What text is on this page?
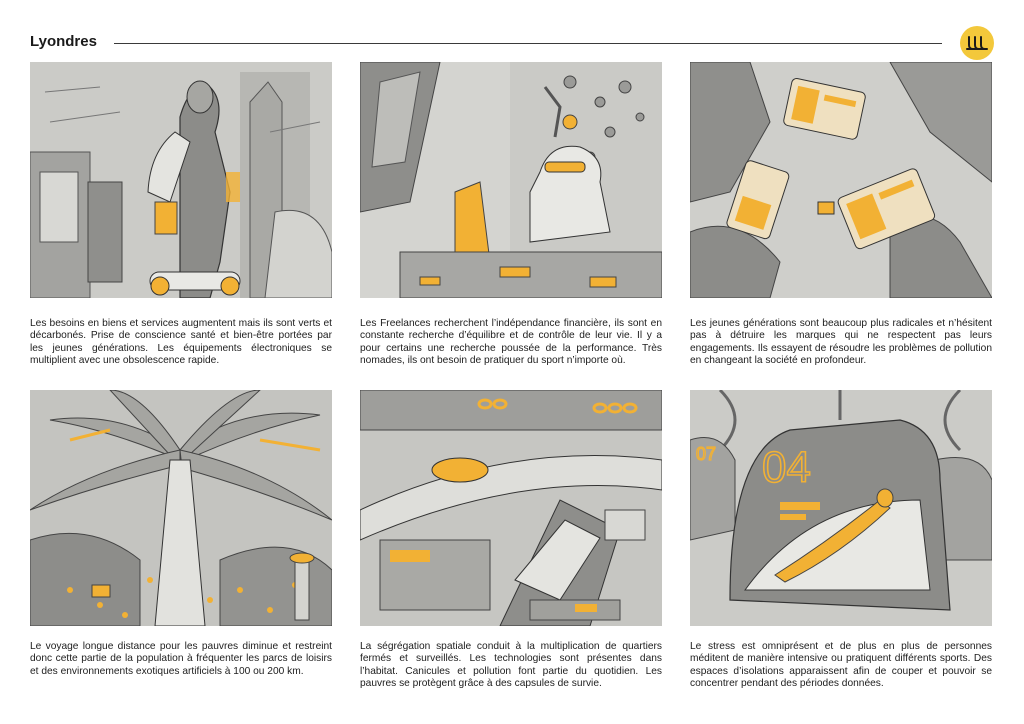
Lyondres
07 04
Les besoins en biens et services augmentent mais ils sont verts et décarbonés. Prise de conscience santé et bien-être portées par les jeunes générations. Les équipements électroniques se multiplient avec une obsolescence rapide.
Les Freelances recherchent l’indépendance financière, ils sont en constante recherche d’équilibre et de contrôle de leur vie. Il y a pour certains une recherche poussée de la performance. Très nomades, ils ont besoin de pratiquer du sport n’importe où.
Les jeunes générations sont beaucoup plus radicales et n’hésitent pas à détruire les marques qui ne respectent pas leurs engagements. Ils essayent de résoudre les problèmes de pollution en changeant la société en profondeur.
Le voyage longue distance pour les pauvres diminue et restreint donc cette partie de la population à fréquenter les parcs de loisirs et des environnements exotiques artificiels à 100 ou 200 km.
La ségrégation spatiale conduit à la multiplication de quartiers fermés et surveillés. Les technologies sont présentes dans l’habitat. Canicules et pollution font partie du quotidien. Les pauvres se protègent grâce à des capsules de survie.
Le stress est omniprésent et de plus en plus de personnes méditent de manière intensive ou pratiquent différents sports. Des espaces d’isolations apparaissent afin de couper et pouvoir se concentrer pendant des périodes données.
